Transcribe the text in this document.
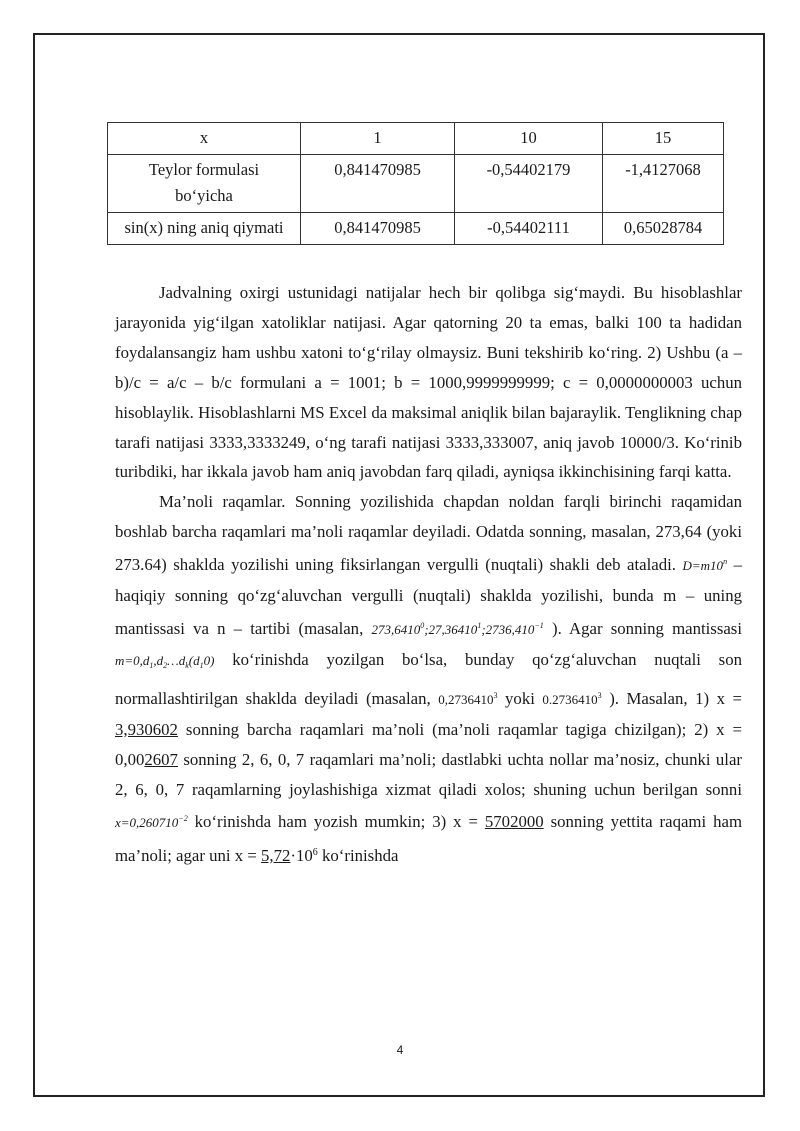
x	1	10	15
Teylor formulasi
bo‘yicha	0,841470985	-0,54402179	-1,4127068
sin(x) ning aniq qiymati	0,841470985	-0,54402111	0,65028784

Jadvalning oxirgi ustunidagi natijalar hech bir qolibga sig‘maydi. Bu hisoblashlar jarayonida yig‘ilgan xatoliklar natijasi. Agar qatorning 20 ta emas, balki 100 ta hadidan foydalansangiz ham ushbu xatoni to‘g‘rilay olmaysiz. Buni tekshirib ko‘ring. 2) Ushbu (a – b)/c = a/c – b/c formulani a = 1001; b = 1000,9999999999; c = 0,0000000003 uchun hisoblaylik. Hisoblashlarni MS Excel da maksimal aniqlik bilan bajaraylik. Tenglikning chap tarafi natijasi 3333,3333249, o‘ng tarafi natijasi 3333,333007, aniq javob 10000/3. Ko‘rinib turibdiki, har ikkala javob ham aniq javobdan farq qiladi, ayniqsa ikkinchisining farqi katta.

Ma’noli raqamlar. Sonning yozilishida chapdan noldan farqli birinchi raqamidan boshlab barcha raqamlari ma’noli raqamlar deyiladi. Odatda sonning, masalan, 273,64 (yoki 273.64) shaklda yozilishi uning fiksirlangan vergulli (nuqtali) shakli deb ataladi. $D=m10^n$ – haqiqiy sonning qo‘zg‘aluvchan vergulli (nuqtali) shaklda yozilishi, bunda m – uning mantissasi va n – tartibi (masalan, $273,6410^0;27,36410^1;2736,410^{-1}$ ). Agar sonning mantissasi $m=0,d_1,d_2\dots d_k(d_10)$ ko‘rinishda yozilgan bo‘lsa, bunday qo‘zg‘aluvchan nuqtali son normallashtirilgan shaklda deyiladi (masalan, 0,2736410$^3$ yoki 0.2736410$^3$ ). Masalan, 1) x = 3,930602 sonning barcha raqamlari ma’noli (ma’noli raqamlar tagiga chizilgan); 2) x = 0,002607 sonning 2, 6, 0, 7 raqamlari ma’noli; dastlabki uchta nollar ma’nosiz, chunki ular 2, 6, 0, 7 raqamlarning joylashishiga xizmat qiladi xolos; shuning uchun berilgan sonni $x=0,260710^{-2}$ ko‘rinishda ham yozish mumkin; 3) x = 5702000 sonning yettita raqami ham ma’noli; agar uni $x = 5,72\cdot 10^6$ ko‘rinishda

4
